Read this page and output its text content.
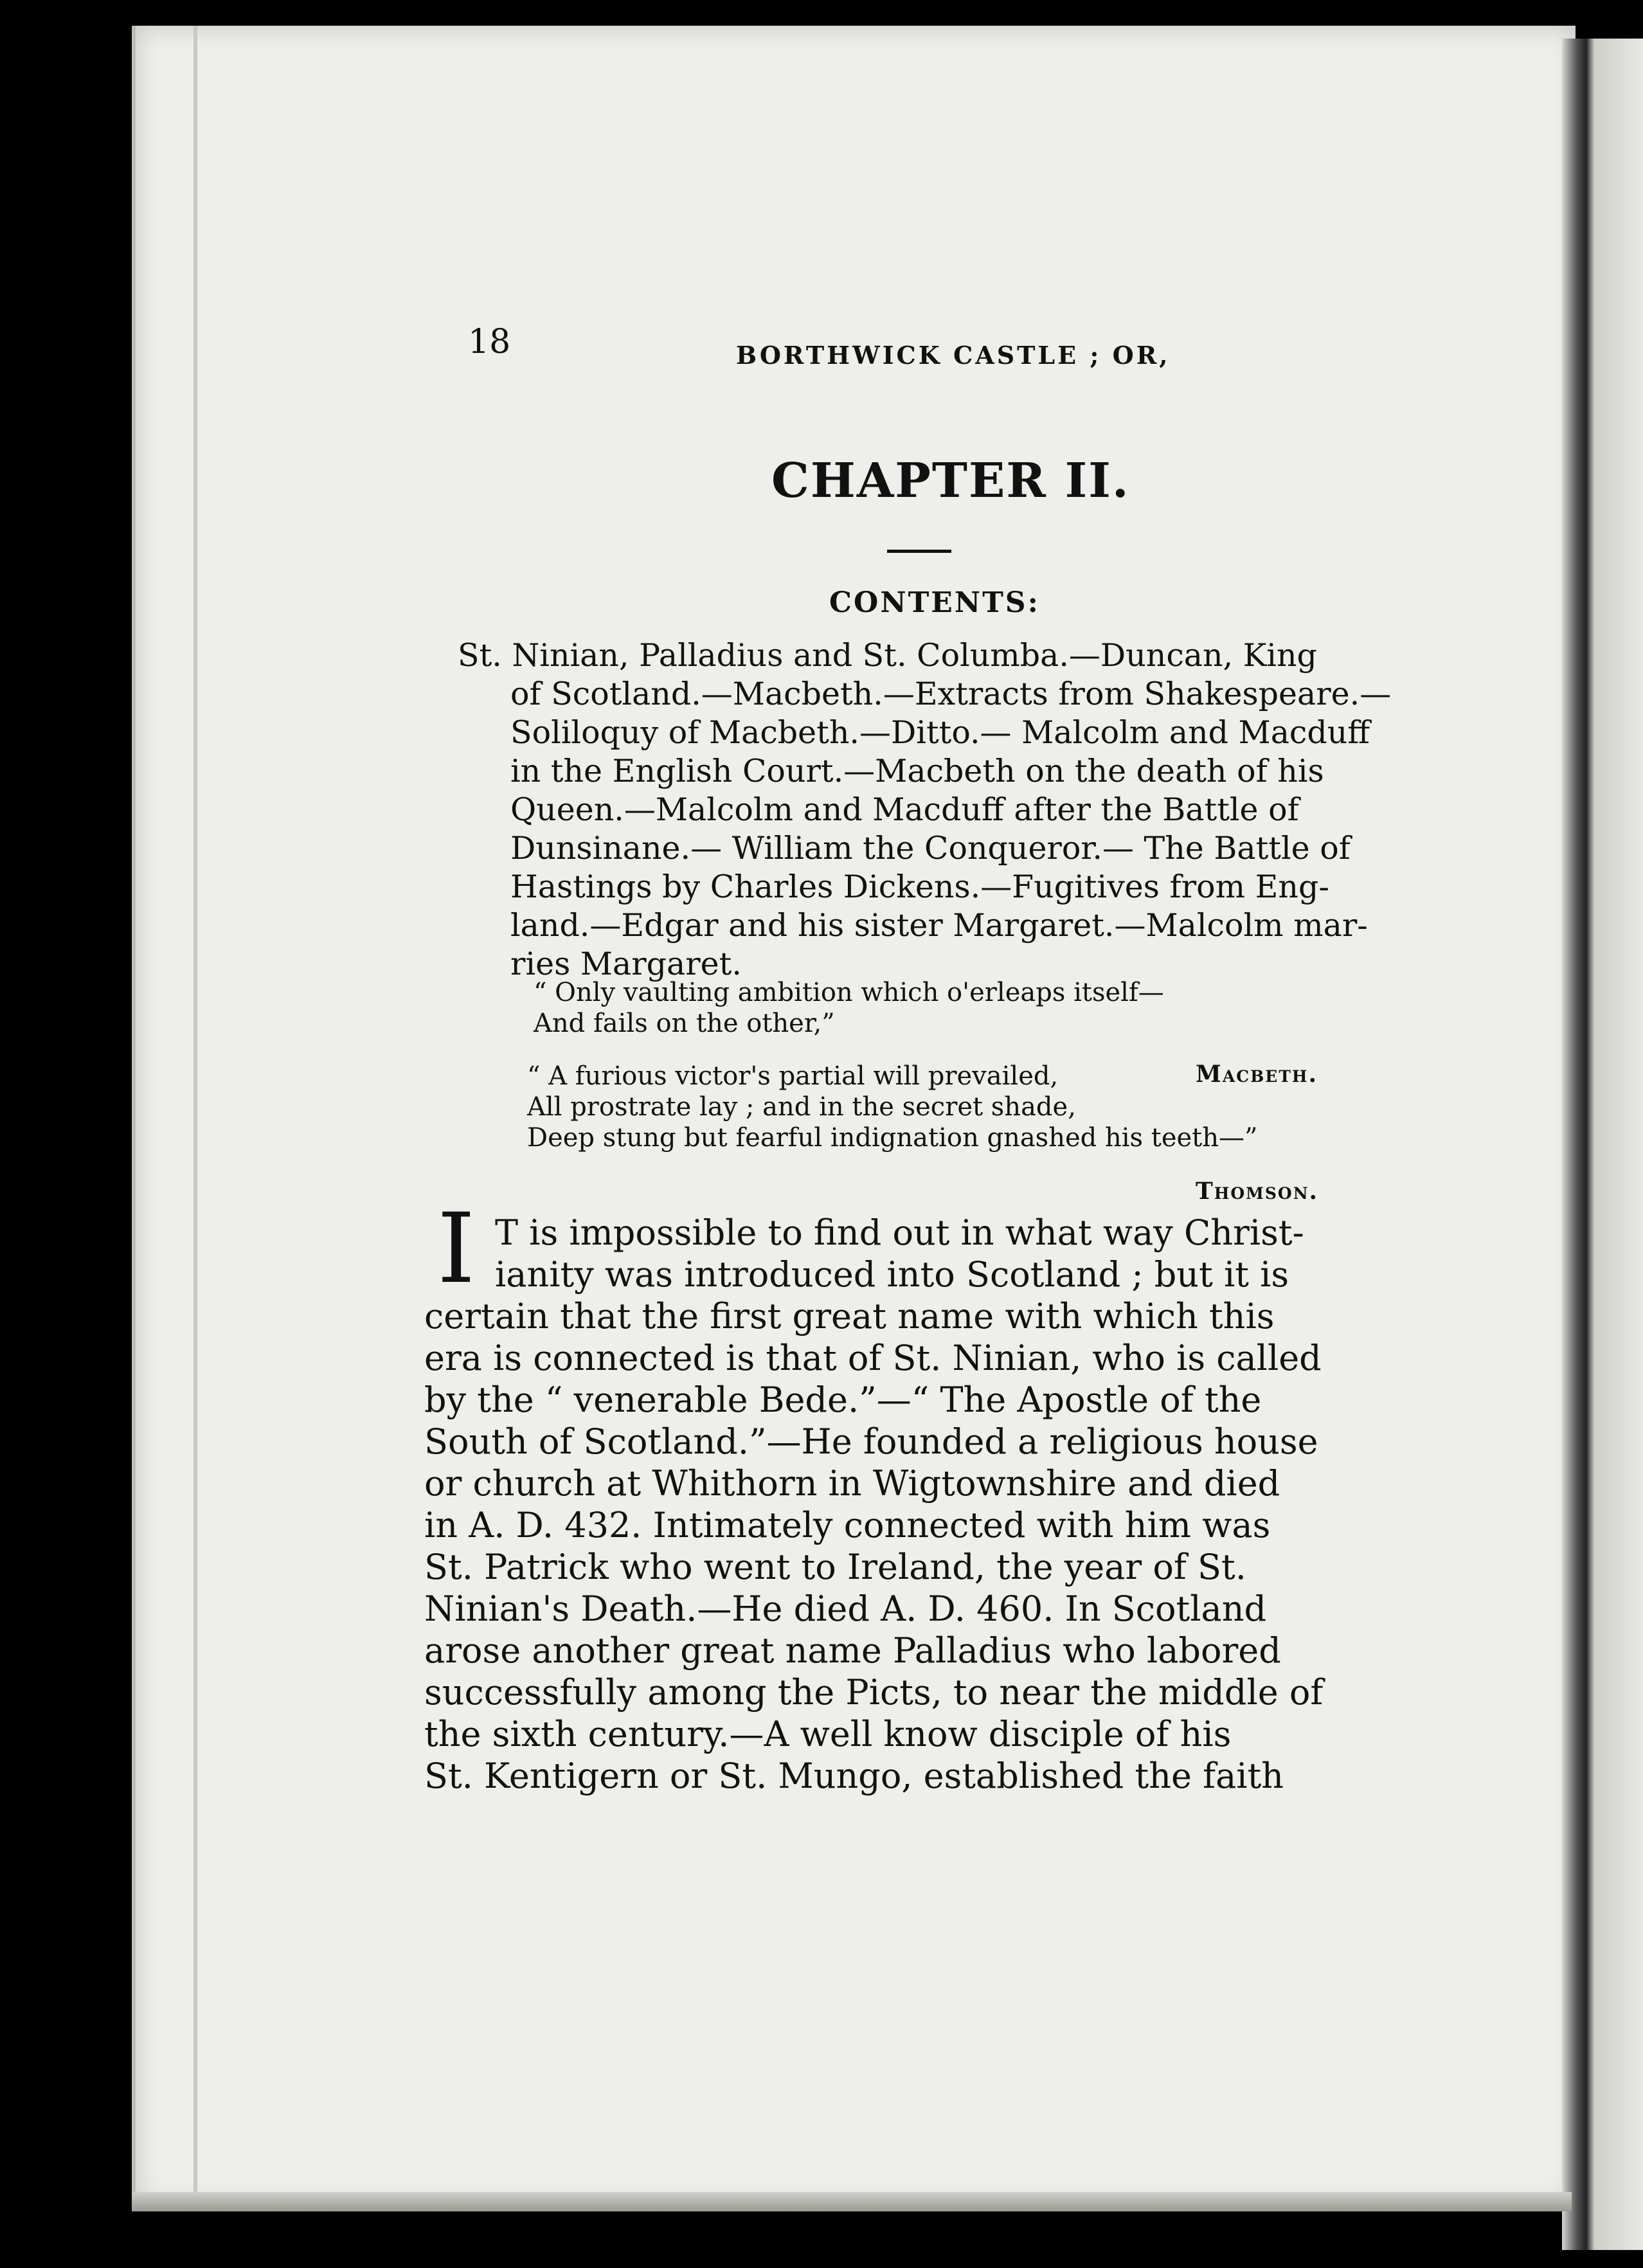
18	BORTHWICK CASTLE ; OR,
CHAPTER II.
CONTENTS:
St. Ninian, Palladius and St. Columba.—Duncan, King
of Scotland.—Macbeth.—Extracts from Shakespeare.—
Soliloquy of Macbeth.—Ditto.— Malcolm and Macduff
in the English Court.—Macbeth on the death of his
Queen.—Malcolm and Macduff after the Battle of
Dunsinane.— William the Conqueror.— The Battle of
Hastings by Charles Dickens.—Fugitives from Eng-
land.—Edgar and his sister Margaret.—Malcolm mar-
ries Margaret.
“ Only vaulting ambition which o'erleaps itself—
And fails on the other,”
Macbeth.
“ A furious victor's partial will prevailed,
All prostrate lay ; and in the secret shade,
Deep stung but fearful indignation gnashed his teeth—”
Thomson.
I T is impossible to find out in what way Christ-
ianity was introduced into Scotland ; but it is
certain that the first great name with which this
era is connected is that of St. Ninian, who is called
by the “ venerable Bede.”—“ The Apostle of the
South of Scotland.”—He founded a religious house
or church at Whithorn in Wigtownshire and died
in A. D. 432. Intimately connected with him was
St. Patrick who went to Ireland, the year of St.
Ninian's Death.—He died A. D. 460. In Scotland
arose another great name Palladius who labored
successfully among the Picts, to near the middle of
the sixth century.—A well know disciple of his
St. Kentigern or St. Mungo, established the faith
